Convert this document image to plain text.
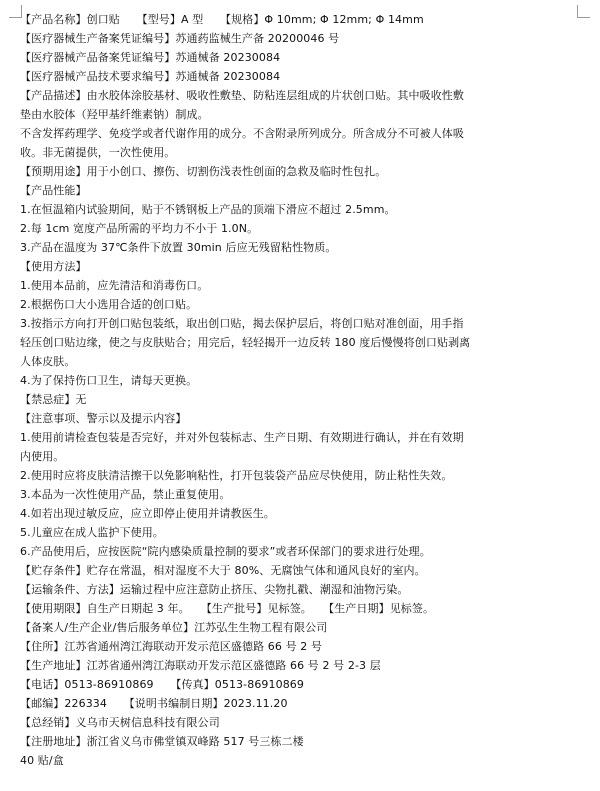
【产品名称】创口贴　　【型号】A 型　　【规格】Φ 10mm; Φ 12mm; Φ 14mm
【医疗器械生产备案凭证编号】苏通药监械生产备 20200046 号
【医疗器械产品备案凭证编号】苏通械备 20230084
【医疗器械产品技术要求编号】苏通械备 20230084
【产品描述】由水胶体涂胶基材、吸收性敷垫、防粘连层组成的片状创口贴。其中吸收性敷
垫由水胶体（羟甲基纤维素钠）制成。
不含发挥药理学、免疫学或者代谢作用的成分。不含附录所列成分。所含成分不可被人体吸
收。非无菌提供，一次性使用。
【预期用途】用于小创口、擦伤、切割伤浅表性创面的急救及临时性包扎。
【产品性能】
1.在恒温箱内试验期间，贴于不锈钢板上产品的顶端下滑应不超过 2.5mm。
2.每 1cm 宽度产品所需的平均力不小于 1.0N。
3.产品在温度为 37℃条件下放置 30min 后应无残留粘性物质。
【使用方法】
1.使用本品前，应先清洁和消毒伤口。
2.根据伤口大小选用合适的创口贴。
3.按指示方向打开创口贴包装纸，取出创口贴，揭去保护层后，将创口贴对准创面，用手指
轻压创口贴边缘，使之与皮肤贴合；用完后，轻轻揭开一边反转 180 度后慢慢将创口贴剥离
人体皮肤。
4.为了保持伤口卫生，请每天更换。
【禁忌症】无
【注意事项、警示以及提示内容】
1.使用前请检查包装是否完好，并对外包装标志、生产日期、有效期进行确认，并在有效期
内使用。
2.使用时应将皮肤清洁擦干以免影响粘性，打开包装袋产品应尽快使用，防止粘性失效。
3.本品为一次性使用产品，禁止重复使用。
4.如若出现过敏反应，应立即停止使用并请教医生。
5.儿童应在成人监护下使用。
6.产品使用后，应按医院“院内感染质量控制的要求”或者环保部门的要求进行处理。
【贮存条件】贮存在常温，相对湿度不大于 80%、无腐蚀气体和通风良好的室内。
【运输条件、方法】运输过程中应注意防止挤压、尖物扎戳、潮湿和油物污染。
【使用期限】自生产日期起 3 年。　　【生产批号】见标签。　　【生产日期】见标签。
【备案人/生产企业/售后服务单位】江苏弘生生物工程有限公司
【住所】江苏省通州湾江海联动开发示范区盛德路 66 号 2 号
【生产地址】江苏省通州湾江海联动开发示范区盛德路 66 号 2 号 2-3 层
【电话】0513-86910869　　【传真】0513-86910869
【邮编】226334　　【说明书编制日期】2023.11.20
【总经销】义乌市天树信息科技有限公司
【注册地址】浙江省义乌市佛堂镇双峰路 517 号三栋二楼
40 贴/盒
